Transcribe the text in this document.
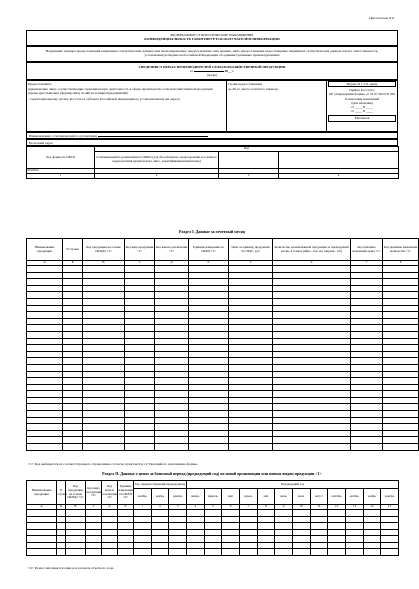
Приложение N 8
ФЕДЕРАЛЬНОЕ СТАТИСТИЧЕСКОЕ НАБЛЮДЕНИЕ
КОНФИДЕНЦИАЛЬНОСТЬ ГАРАНТИРУЕТСЯ ПОЛУЧАТЕЛЕМ ИНФОРМАЦИИ
Нарушение порядка предоставления первичных статистических данных или несвоевременное предоставление этих данных, либо предоставление недостоверных первичных статистических данных влечет ответственность, установленную Кодексом Российской Федерации об административных правонарушениях
СВЕДЕНИЯ О ЦЕНАХ ПРОИЗВОДИТЕЛЕЙ СЕЛЬСКОХОЗЯЙСТВЕННОЙ ПРОДУКЦИИ
за	20__ г.
(месяц)
Предоставляют:
юридические лица, осуществляющие экономическую деятельность в сфере производства сельскохозяйственной продукции (кроме крестьянских (фермерских) хозяйств и микропредприятий):
- территориальному органу Росстата в субъекте Российской Федерации по установленному им адресу
Сроки предоставления
до 20-го числа отчетного периода
Форма N 1-СХ-цены
Приказ Росстата:
Об утверждении формы от 31.07.2023 N 362
О внесении изменений
(при наличии)
от ____ N ____
от ____ N ____
Месячная
Наименование отчитывающейся организации
Почтовый адрес
Код формы по ОКУД	Код		
	отчитывающейся организации по ОКПО (для обособленного подразделения и головного подразделения юридического лица - идентификационный номер)		
0616012			
1	2	3	4
Раздел I. Данные за отчетный месяц
Наименование продукции	N строки	Код продукции на основе ОКПД2 <1>	Код вида продукции <1>	Код канала реализации <1>	Единица измерения по ОКЕИ <1>	Цена за единицу продукции без НДС, руб	Количество реализованной продукции за предыдущий месяц, в тоннах (яйца - тыс шт, шкурки - шт)	Код причины изменения цены <1>	Код причины изменения количества <1>
А	Б	В	Г	Д	Е	5	6	7	8

<1> Код выбирается из соответствующего справочника согласно пунктам 9 и 12 Указаний по заполнению формы.
Раздел II. Данные о ценах за базисный период (предыдущий год) по новой организации или новым видам продукции <1>
Наименование продукции	N строки	Код продукции на основе ОКПД2 <2>	Код вида продукции <2>	Код канала реализации <2>	Единица измерения по ОКЕИ <2>	Год, предшествующий предыдущему			Предыдущий год												
						октябрь	ноябрь	декабрь	январь	февраль	март	апрель	май	июнь	июль	август	сентябрь	октябрь	ноябрь	декабрь	
А	Б	В	Г	Д	Е	1	2	3	4	5	6	7	8	9	10	11	12	13	14	15				

<2> Раздел заполняется один раз в начале отчетного года.
